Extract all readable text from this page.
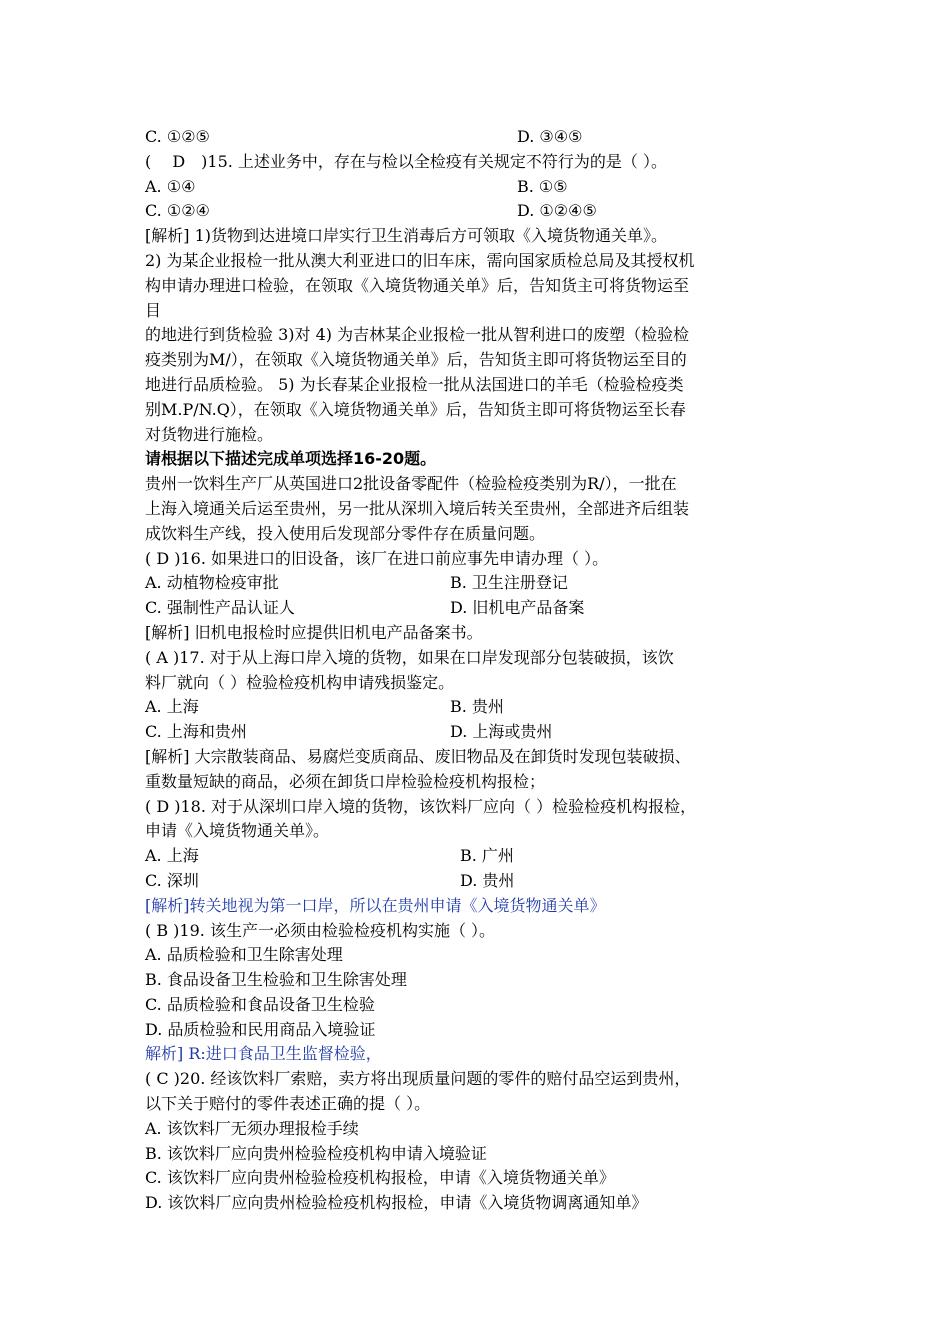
C. ①②⑤	D. ③④⑤
(　 D　)15. 上述业务中，存在与检以全检疫有关规定不符行为的是（ ）。
A. ①④	B. ①⑤
C. ①②④	D. ①②④⑤
[解析] 1)货物到达进境口岸实行卫生消毒后方可领取《入境货物通关单》。
2) 为某企业报检一批从澳大利亚进口的旧车床，需向国家质检总局及其授权机
构申请办理进口检验，在领取《入境货物通关单》后，告知货主可将货物运至
目
的地进行到货检验 3)对 4) 为吉林某企业报检一批从智利进口的废塑（检验检
疫类别为M/），在领取《入境货物通关单》后，告知货主即可将货物运至目的
地进行品质检验。 5) 为长春某企业报检一批从法国进口的羊毛（检验检疫类
别M.P/N.Q），在领取《入境货物通关单》后，告知货主即可将货物运至长春
对货物进行施检。
请根据以下描述完成单项选择16-20题。
贵州一饮料生产厂从英国进口2批设备零配件（检验检疫类别为R/），一批在
上海入境通关后运至贵州，另一批从深圳入境后转关至贵州，全部进齐后组装
成饮料生产线，投入使用后发现部分零件存在质量问题。
( D )16. 如果进口的旧设备，该厂在进口前应事先申请办理（ ）。
A. 动植物检疫审批	B. 卫生注册登记
C. 强制性产品认证人	D. 旧机电产品备案
[解析] 旧机电报检时应提供旧机电产品备案书。
( A )17. 对于从上海口岸入境的货物，如果在口岸发现部分包装破损，该饮
料厂就向（ ）检验检疫机构申请残损鉴定。
A. 上海	B. 贵州
C. 上海和贵州	D. 上海或贵州
[解析] 大宗散装商品、易腐烂变质商品、废旧物品及在卸货时发现包装破损、
重数量短缺的商品，必须在卸货口岸检验检疫机构报检；
( D )18. 对于从深圳口岸入境的货物，该饮料厂应向（ ）检验检疫机构报检，
申请《入境货物通关单》。
A. 上海	B. 广州
C. 深圳	D. 贵州
[解析]转关地视为第一口岸，所以在贵州申请《入境货物通关单》
( B )19. 该生产一必须由检验检疫机构实施（ ）。
A. 品质检验和卫生除害处理
B. 食品设备卫生检验和卫生除害处理
C. 品质检验和食品设备卫生检验
D. 品质检验和民用商品入境验证
解析] R:进口食品卫生监督检验，
( C )20. 经该饮料厂索赔，卖方将出现质量问题的零件的赔付品空运到贵州，
以下关于赔付的零件表述正确的提（ ）。
A. 该饮料厂无须办理报检手续
B. 该饮料厂应向贵州检验检疫机构申请入境验证
C. 该饮料厂应向贵州检验检疫机构报检，申请《入境货物通关单》
D. 该饮料厂应向贵州检验检疫机构报检，申请《入境货物调离通知单》
